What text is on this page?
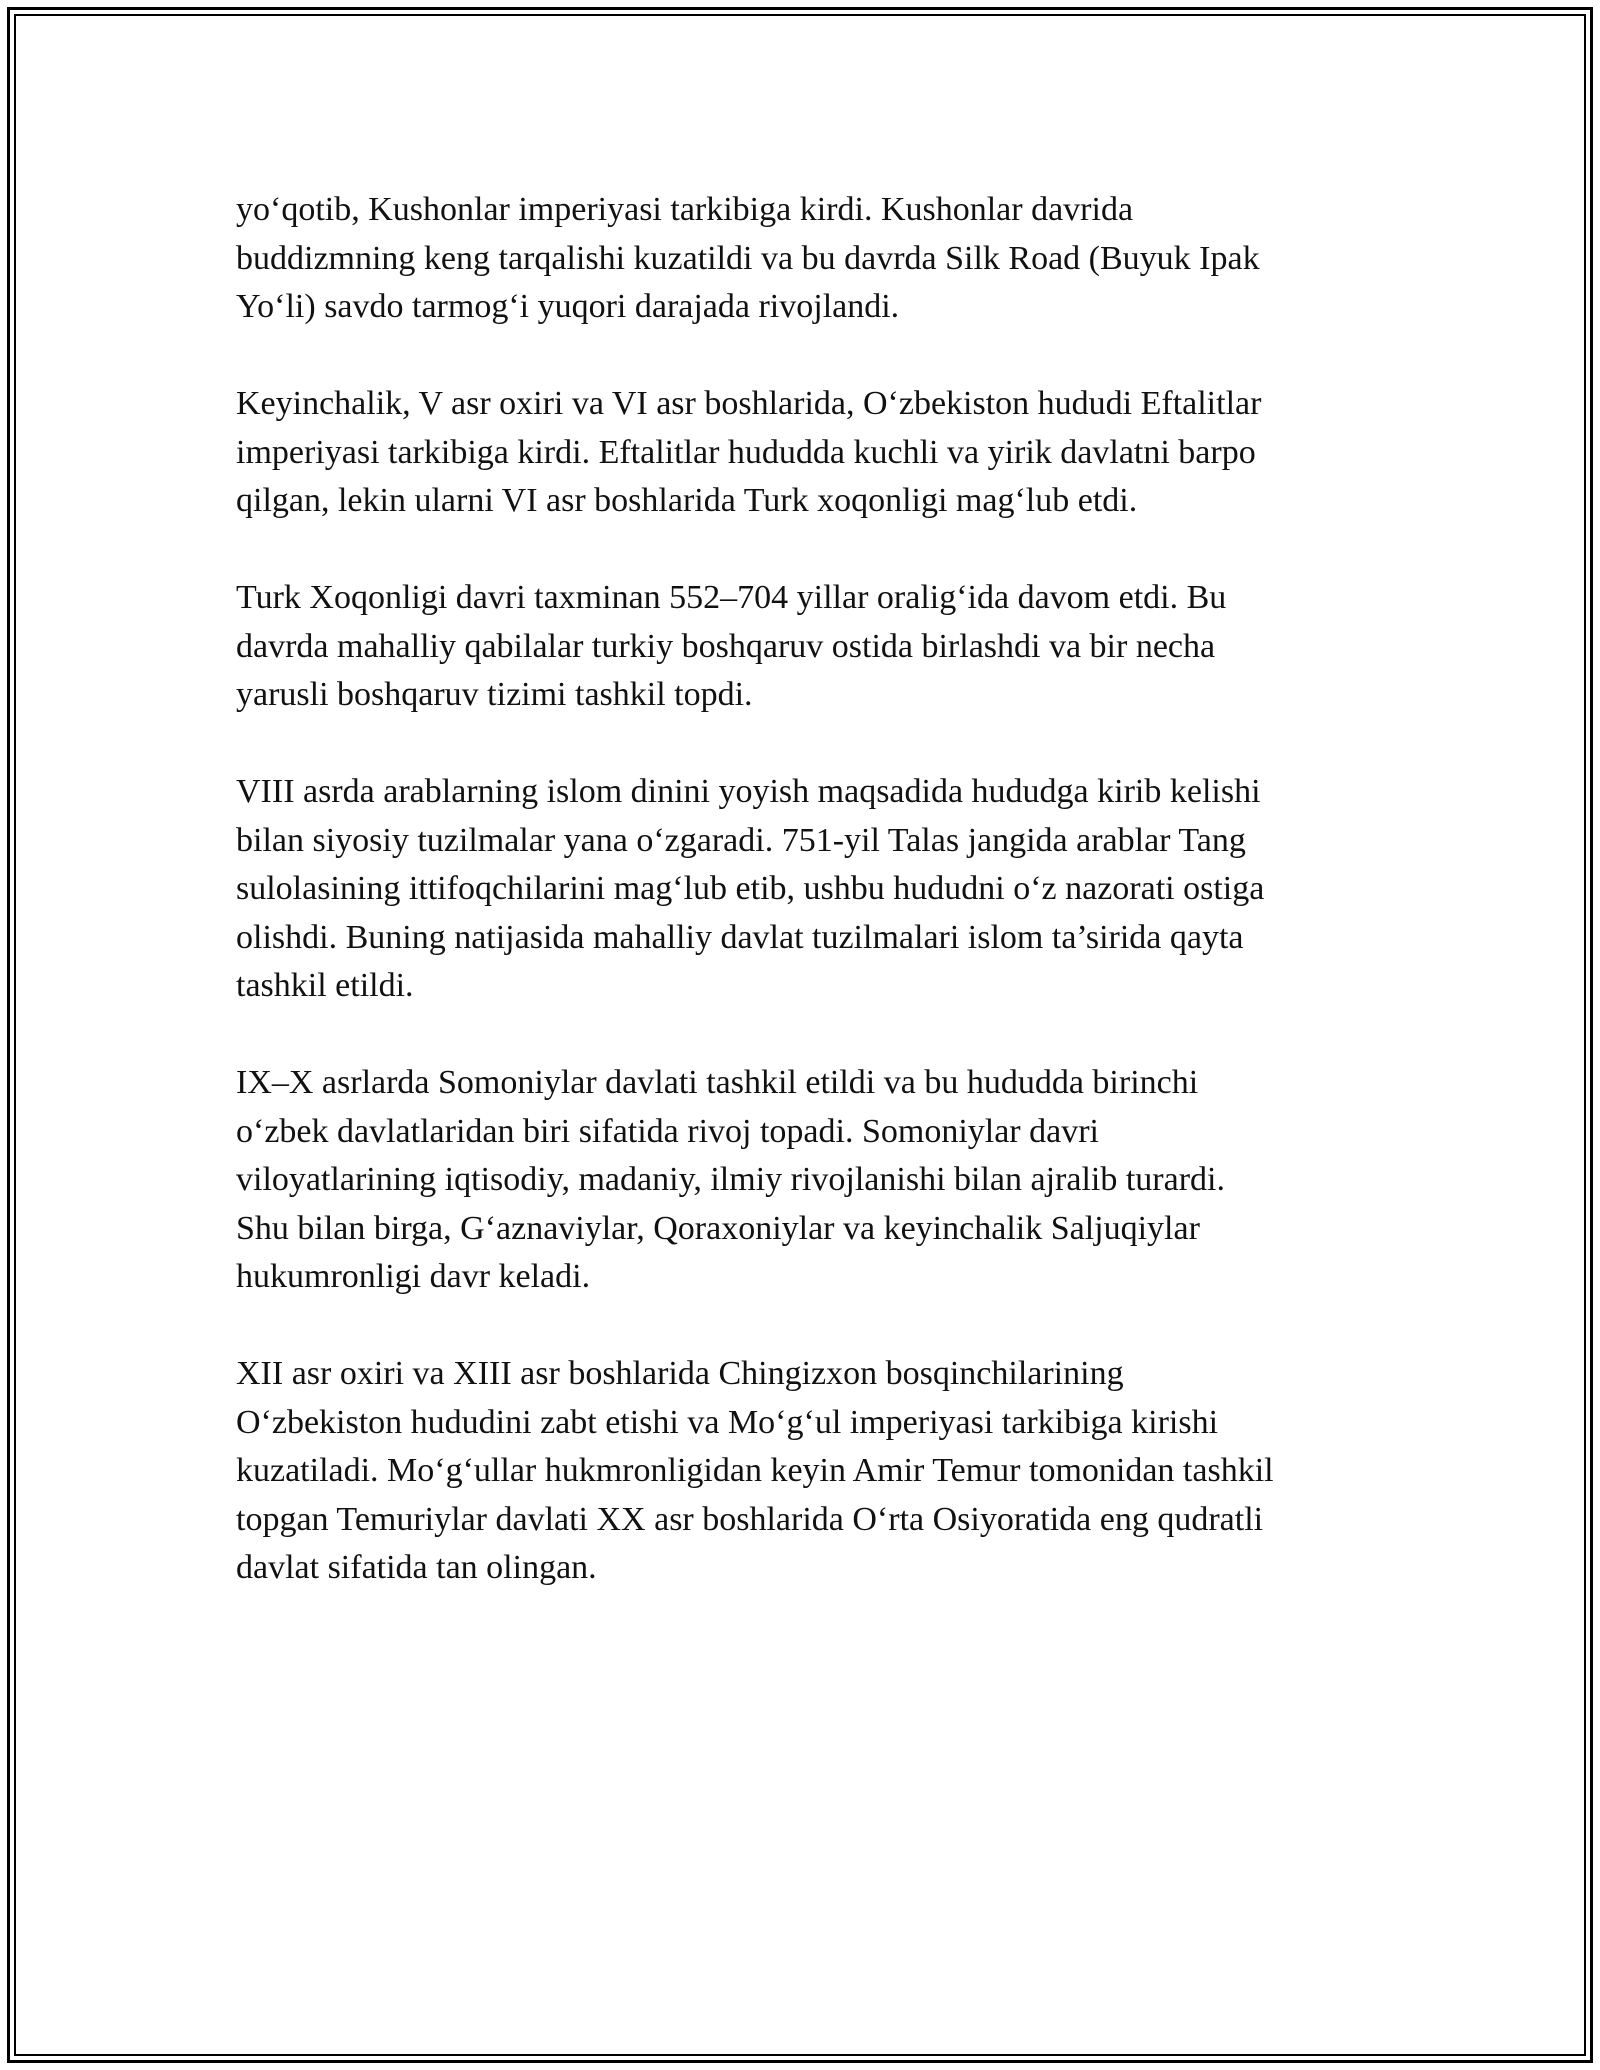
yo‘qotib, Kushonlar imperiyasi tarkibiga kirdi. Kushonlar davrida
buddizmning keng tarqalishi kuzatildi va bu davrda Silk Road (Buyuk Ipak
Yo‘li) savdo tarmog‘i yuqori darajada rivojlandi.

Keyinchalik, V asr oxiri va VI asr boshlarida, O‘zbekiston hududi Eftalitlar
imperiyasi tarkibiga kirdi. Eftalitlar hududda kuchli va yirik davlatni barpo
qilgan, lekin ularni VI asr boshlarida Turk xoqonligi mag‘lub etdi.

Turk Xoqonligi davri taxminan 552–704 yillar oralig‘ida davom etdi. Bu
davrda mahalliy qabilalar turkiy boshqaruv ostida birlashdi va bir necha
yarusli boshqaruv tizimi tashkil topdi.

VIII asrda arablarning islom dinini yoyish maqsadida hududga kirib kelishi
bilan siyosiy tuzilmalar yana o‘zgaradi. 751-yil Talas jangida arablar Tang
sulolasining ittifoqchilarini mag‘lub etib, ushbu hududni o‘z nazorati ostiga
olishdi. Buning natijasida mahalliy davlat tuzilmalari islom ta’sirida qayta
tashkil etildi.

IX–X asrlarda Somoniylar davlati tashkil etildi va bu hududda birinchi
o‘zbek davlatlaridan biri sifatida rivoj topadi. Somoniylar davri
viloyatlarining iqtisodiy, madaniy, ilmiy rivojlanishi bilan ajralib turardi.
Shu bilan birga, G‘aznaviylar, Qoraxoniylar va keyinchalik Saljuqiylar
hukumronligi davr keladi.

XII asr oxiri va XIII asr boshlarida Chingizxon bosqinchilarining
O‘zbekiston hududini zabt etishi va Mo‘g‘ul imperiyasi tarkibiga kirishi
kuzatiladi. Mo‘g‘ullar hukmronligidan keyin Amir Temur tomonidan tashkil
topgan Temuriylar davlati XX asr boshlarida O‘rta Osiyoratida eng qudratli
davlat sifatida tan olingan.
